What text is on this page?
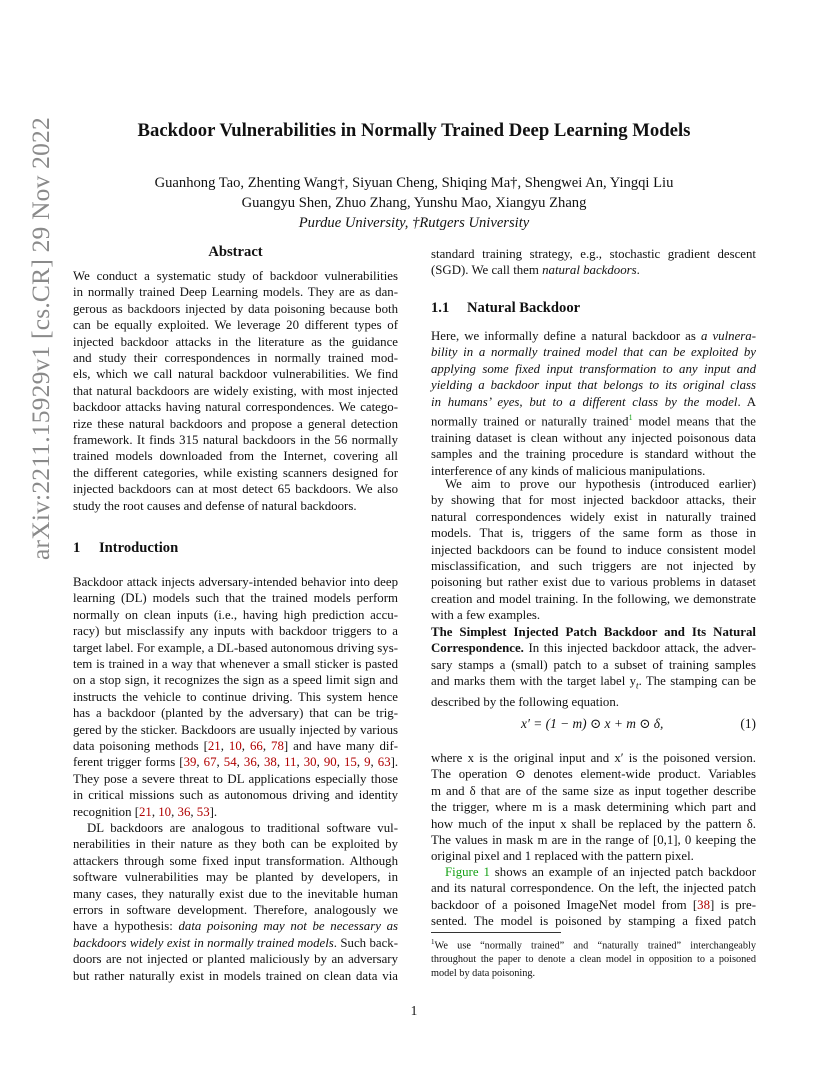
arXiv:2211.15929v1 [cs.CR] 29 Nov 2022	Backdoor Vulnerabilities in Normally Trained Deep Learning Models
Guanhong Tao, Zhenting Wang†, Siyuan Cheng, Shiqing Ma†, Shengwei An, Yingqi Liu
Guangyu Shen, Zhuo Zhang, Yunshu Mao, Xiangyu Zhang
Purdue University, †Rutgers University
Abstract

We conduct a systematic study of backdoor vulnerabilities
in normally trained Deep Learning models. They are as dan-
gerous as backdoors injected by data poisoning because both
can be equally exploited. We leverage 20 different types of
injected backdoor attacks in the literature as the guidance
and study their correspondences in normally trained mod-
els, which we call natural backdoor vulnerabilities. We find
that natural backdoors are widely existing, with most injected
backdoor attacks having natural correspondences. We catego-
rize these natural backdoors and propose a general detection
framework. It finds 315 natural backdoors in the 56 normally
trained models downloaded from the Internet, covering all
the different categories, while existing scanners designed for
injected backdoors can at most detect 65 backdoors. We also
study the root causes and defense of natural backdoors.

1 Introduction

Backdoor attack injects adversary-intended behavior into deep
learning (DL) models such that the trained models perform
normally on clean inputs (i.e., having high prediction accu-
racy) but misclassify any inputs with backdoor triggers to a
target label. For example, a DL-based autonomous driving sys-
tem is trained in a way that whenever a small sticker is pasted
on a stop sign, it recognizes the sign as a speed limit sign and
instructs the vehicle to continue driving. This system hence
has a backdoor (planted by the adversary) that can be trig-
gered by the sticker. Backdoors are usually injected by various
data poisoning methods [21, 10, 66, 78] and have many dif-
ferent trigger forms [39, 67, 54, 36, 38, 11, 30, 90, 15, 9, 63].
They pose a severe threat to DL applications especially those
in critical missions such as autonomous driving and identity
recognition [21, 10, 36, 53].

DL backdoors are analogous to traditional software vul-
nerabilities in their nature as they both can be exploited by
attackers through some fixed input transformation. Although
software vulnerabilities may be planted by developers, in
many cases, they naturally exist due to the inevitable human
errors in software development. Therefore, analogously we
have a hypothesis: data poisoning may not be necessary as
backdoors widely exist in normally trained models. Such back-
doors are not injected or planted maliciously by an adversary
but rather naturally exist in models trained on clean data via

standard training strategy, e.g., stochastic gradient descent
(SGD). We call them natural backdoors.

1.1 Natural Backdoor

Here, we informally define a natural backdoor as a vulnera-
bility in a normally trained model that can be exploited by
applying some fixed input transformation to any input and
yielding a backdoor input that belongs to its original class
in humans’ eyes, but to a different class by the model. A
normally trained or naturally trained$^1$ model means that the
training dataset is clean without any injected poisonous data
samples and the training procedure is standard without the
interference of any kinds of malicious manipulations.

We aim to prove our hypothesis (introduced earlier)
by showing that for most injected backdoor attacks, their
natural correspondences widely exist in naturally trained
models. That is, triggers of the same form as those in
injected backdoors can be found to induce consistent model
misclassification, and such triggers are not injected by
poisoning but rather exist due to various problems in dataset
creation and model training. In the following, we demonstrate
with a few examples.

The Simplest Injected Patch Backdoor and Its Natural
Correspondence. In this injected backdoor attack, the adver-
sary stamps a (small) patch to a subset of training samples
and marks them with the target label $y_t$. The stamping can be
described by the following equation.

x′ = (1 − m) ⊙ x + m ⊙ δ,	(1)

where x is the original input and x′ is the poisoned version.
The operation ⊙ denotes element-wide product. Variables
m and δ that are of the same size as input together describe
the trigger, where m is a mask determining which part and
how much of the input x shall be replaced by the pattern δ.
The values in mask m are in the range of [0,1], 0 keeping the
original pixel and 1 replaced with the pattern pixel.

Figure 1 shows an example of an injected patch backdoor
and its natural correspondence. On the left, the injected patch
backdoor of a poisoned ImageNet model from [38] is pre-
sented. The model is poisoned by stamping a fixed patch

$^1$We use “normally trained” and “naturally trained” interchangeably throughout the paper to denote a clean model in opposition to a poisoned model by data poisoning.
1
